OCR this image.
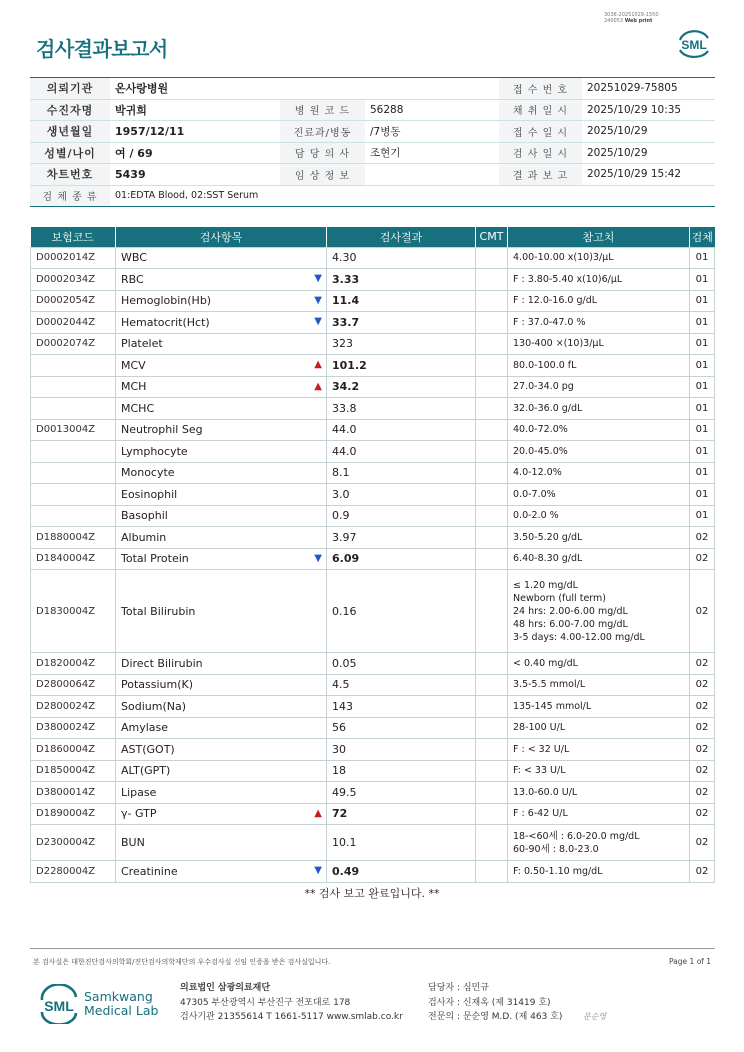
3038-20251029-1550
240053 Web print
검사결과보고서	SML
의뢰기관	온사랑병원			접 수 번 호	20251029-75805
수진자명	박귀희	병 원 코 드	56288	채 취 일 시	2025/10/29 10:35
생년월일	1957/12/11	진료과/병동	/7병동	접 수 일 시	2025/10/29
성별/나이	여 / 69	담 당 의 사	조현기	검 사 일 시	2025/10/29
차트번호	5439	임 상 정 보		결 과 보 고	2025/10/29 15:42
검 체 종 류	01:EDTA Blood, 02:SST Serum				
보험코드	검사항목	검사결과	CMT	참고치	검체
D0002014Z	WBC	4.30		4.00-10.00 x(10)3/μL	01
D0002034Z	RBC ▼	3.33		F : 3.80-5.40 x(10)6/μL	01
D0002054Z	Hemoglobin(Hb) ▼	11.4		F : 12.0-16.0 g/dL	01
D0002044Z	Hematocrit(Hct) ▼	33.7		F : 37.0-47.0 %	01
D0002074Z	Platelet	323		130-400 ×(10)3/μL	01
	MCV ▲	101.2		80.0-100.0 fL	01
	MCH ▲	34.2		27.0-34.0 pg	01
	MCHC	33.8		32.0-36.0 g/dL	01
D0013004Z	Neutrophil Seg	44.0		40.0-72.0%	01
	Lymphocyte	44.0		20.0-45.0%	01
	Monocyte	8.1		4.0-12.0%	01
	Eosinophil	3.0		0.0-7.0%	01
	Basophil	0.9		0.0-2.0 %	01
D1880004Z	Albumin	3.97		3.50-5.20 g/dL	02
D1840004Z	Total Protein ▼	6.09		6.40-8.30 g/dL	02
D1830004Z	Total Bilirubin	0.16		≤ 1.20 mg/dL
Newborn (full term)
24 hrs: 2.00-6.00 mg/dL
48 hrs: 6.00-7.00 mg/dL
3-5 days: 4.00-12.00 mg/dL	02
D1820004Z	Direct Bilirubin	0.05		< 0.40 mg/dL	02
D2800064Z	Potassium(K)	4.5		3.5-5.5 mmol/L	02
D2800024Z	Sodium(Na)	143		135-145 mmol/L	02
D3800024Z	Amylase	56		28-100 U/L	02
D1860004Z	AST(GOT)	30		F : < 32 U/L	02
D1850004Z	ALT(GPT)	18		F: < 33 U/L	02
D3800014Z	Lipase	49.5		13.0-60.0 U/L	02
D1890004Z	γ- GTP ▲	72		F : 6-42 U/L	02
D2300004Z	BUN	10.1		18-<60세 : 6.0-20.0 mg/dL
60-90세 : 8.0-23.0	02
D2280004Z	Creatinine ▼	0.49		F: 0.50-1.10 mg/dL	02
** 검사 보고 완료입니다. **
본 검사실은 대한진단검사의학회/진단검사의학재단의 우수검사실 신임 인증을 받은 검사실입니다.	Page 1 of 1
SML
Samkwang
Medical Lab
의료법인 삼광의료재단
47305 부산광역시 부산진구 전포대로 178
검사기관 21355614 T 1661-5117 www.smlab.co.kr
담당자 : 심민규
검사자 : 신재옥 (제 31419 호)
전문의 : 문순영 M.D. (제 463 호)	문순영
